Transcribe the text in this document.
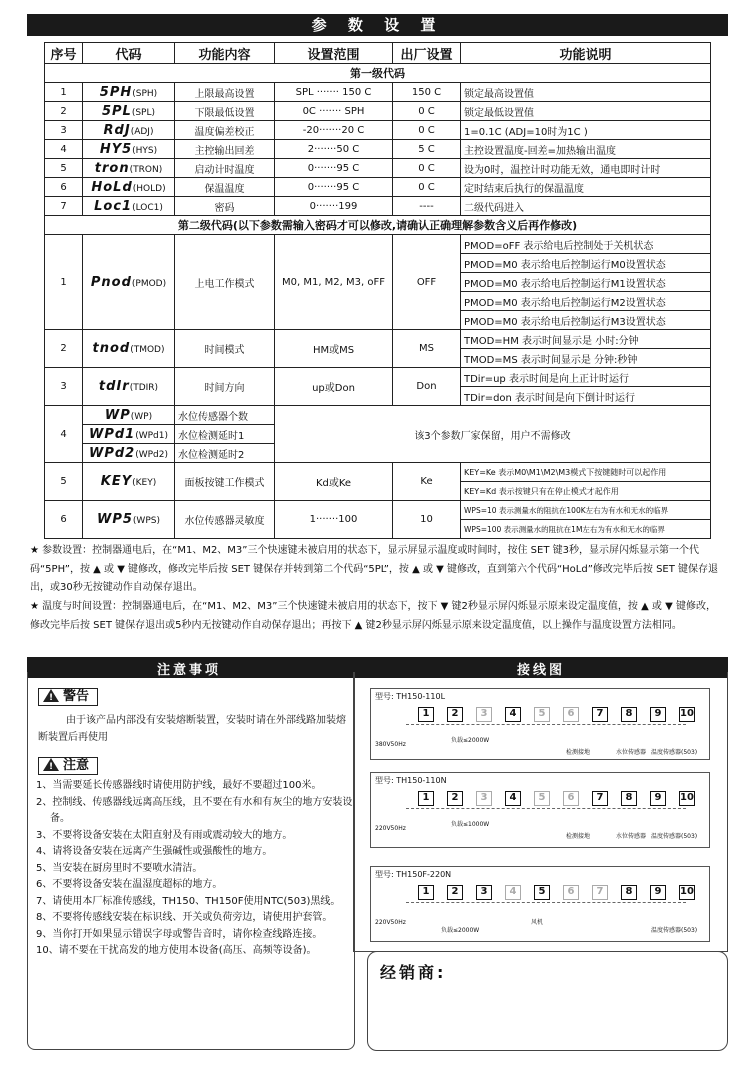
参 数 设 置
序号	代码	功能内容	设置范围	出厂设置	功能说明
第一级代码					
1	5PH(SPH)	上限最高设置	SPL ······· 150 C	150 C	锁定最高设置值
2	5PL(SPL)	下限最低设置	0C ······· SPH	0 C	锁定最低设置值
3	RdJ(ADJ)	温度偏差校正	-20·······20 C	0 C	1=0.1C (ADJ=10时为1C )
4	HY5(HYS)	主控输出回差	2·······50 C	5 C	主控设置温度-回差=加热输出温度
5	tron(TRON)	启动计时温度	0·······95 C	0 C	设为0时，温控计时功能无效，通电即时计时
6	HoLd(HOLD)	保温温度	0·······95 C	0 C	定时结束后执行的保温温度
7	Loc1(LOC1)	密码	0·······199	----	二级代码进入
第二级代码(以下参数需输入密码才可以修改,请确认正确理解参数含义后再作修改)					
1	Pnod(PMOD)	上电工作模式	M0, M1, M2, M3, oFF	OFF	PMOD=oFF 表示给电后控制处于关机状态
					PMOD=M0 表示给电后控制运行M0设置状态
					PMOD=M0 表示给电后控制运行M1设置状态
					PMOD=M0 表示给电后控制运行M2设置状态
					PMOD=M0 表示给电后控制运行M3设置状态
2	tnod(TMOD)	时间模式	HM或MS	MS	TMOD=HM 表示时间显示是 小时:分钟
					TMOD=MS 表示时间显示是 分钟:秒钟
3	tdIr(TDIR)	时间方向	up或Don	Don	TDir=up 表示时间是向上正计时运行
					TDir=don 表示时间是向下倒计时运行
4	WP(WP)	水位传感器个数	该3个参数厂家保留，用户不需修改		
	WPd1(WPd1)	水位检测延时1			
	WPd2(WPd2)	水位检测延时2			
5	KEY(KEY)	面板按键工作模式	Kd或Ke	Ke	KEY=Ke 表示M0\M1\M2\M3模式下按键随时可以起作用
					KEY=Kd 表示按键只有在停止模式才起作用
6	WP5(WPS)	水位传感器灵敏度	1·······100	10	WPS=10 表示测量水的阻抗在100K左右为有水和无水的临界
					WPS=100 表示测量水的阻抗在1M左右为有水和无水的临界
★ 参数设置：控制器通电后，在“M1、M2、M3”三个快速键未被启用的状态下，显示屏显示温度或时间时，按住 SET 键3秒，显示屏闪烁显示第一个代码“5PH”，按 ▲ 或 ▼ 键修改，修改完毕后按 SET 键保存并转到第二个代码“5PL”，按 ▲ 或 ▼ 键修改，直到第六个代码“HoLd”修改完毕后按 SET 键保存退出，或30秒无按键动作自动保存退出。
★ 温度与时间设置：控制器通电后，在“M1、M2、M3”三个快速键未被启用的状态下，按下 ▼ 键2秒显示屏闪烁显示原来设定温度值，按 ▲ 或 ▼ 键修改，修改完毕后按 SET 键保存退出或5秒内无按键动作自动保存退出；再按下 ▲ 键2秒显示屏闪烁显示原来设定温度值，以上操作与温度设置方法相同。
注意事项	接线图
!警告
由于该产品内部没有安装熔断装置，安装时请在外部线路加装熔断装置后再使用
!注意
1、当需要延长传感器线时请使用防护线，最好不要超过100米。
2、控制线、传感器线远离高压线，且不要在有水和有灰尘的地方安装设备。
3、不要将设备安装在太阳直射及有雨或震动较大的地方。
4、请将设备安装在远离产生强碱性或强酸性的地方。
5、当安装在厨房里时不要喷水清洁。
6、不要将设备安装在温湿度超标的地方。
7、请使用本厂标准传感线，TH150、TH150F使用NTC(503)黑线。
8、不要将传感线安装在标识线、开关或负荷旁边，请使用护套管。
9、当你打开如果显示错误字母或警告音时，请你检查线路连接。
10、请不要在干扰高发的地方使用本设备(高压、高频等设备)。
型号: TH150-110L
1	2	3	4	5	6	7	8	9	10
380V50Hz
负载≤2000W
检测接地	水位传感器 温度传感器(503)
型号: TH150-110N
1	2	3	4	5	6	7	8	9	10
220V50Hz
负载≤1000W
检测接地	水位传感器 温度传感器(503)
型号: TH150F-220N
1	2	3	4	5	6	7	8	9	10
220V50Hz
负载≤2000W
风机
温度传感器(503)
经销商:
